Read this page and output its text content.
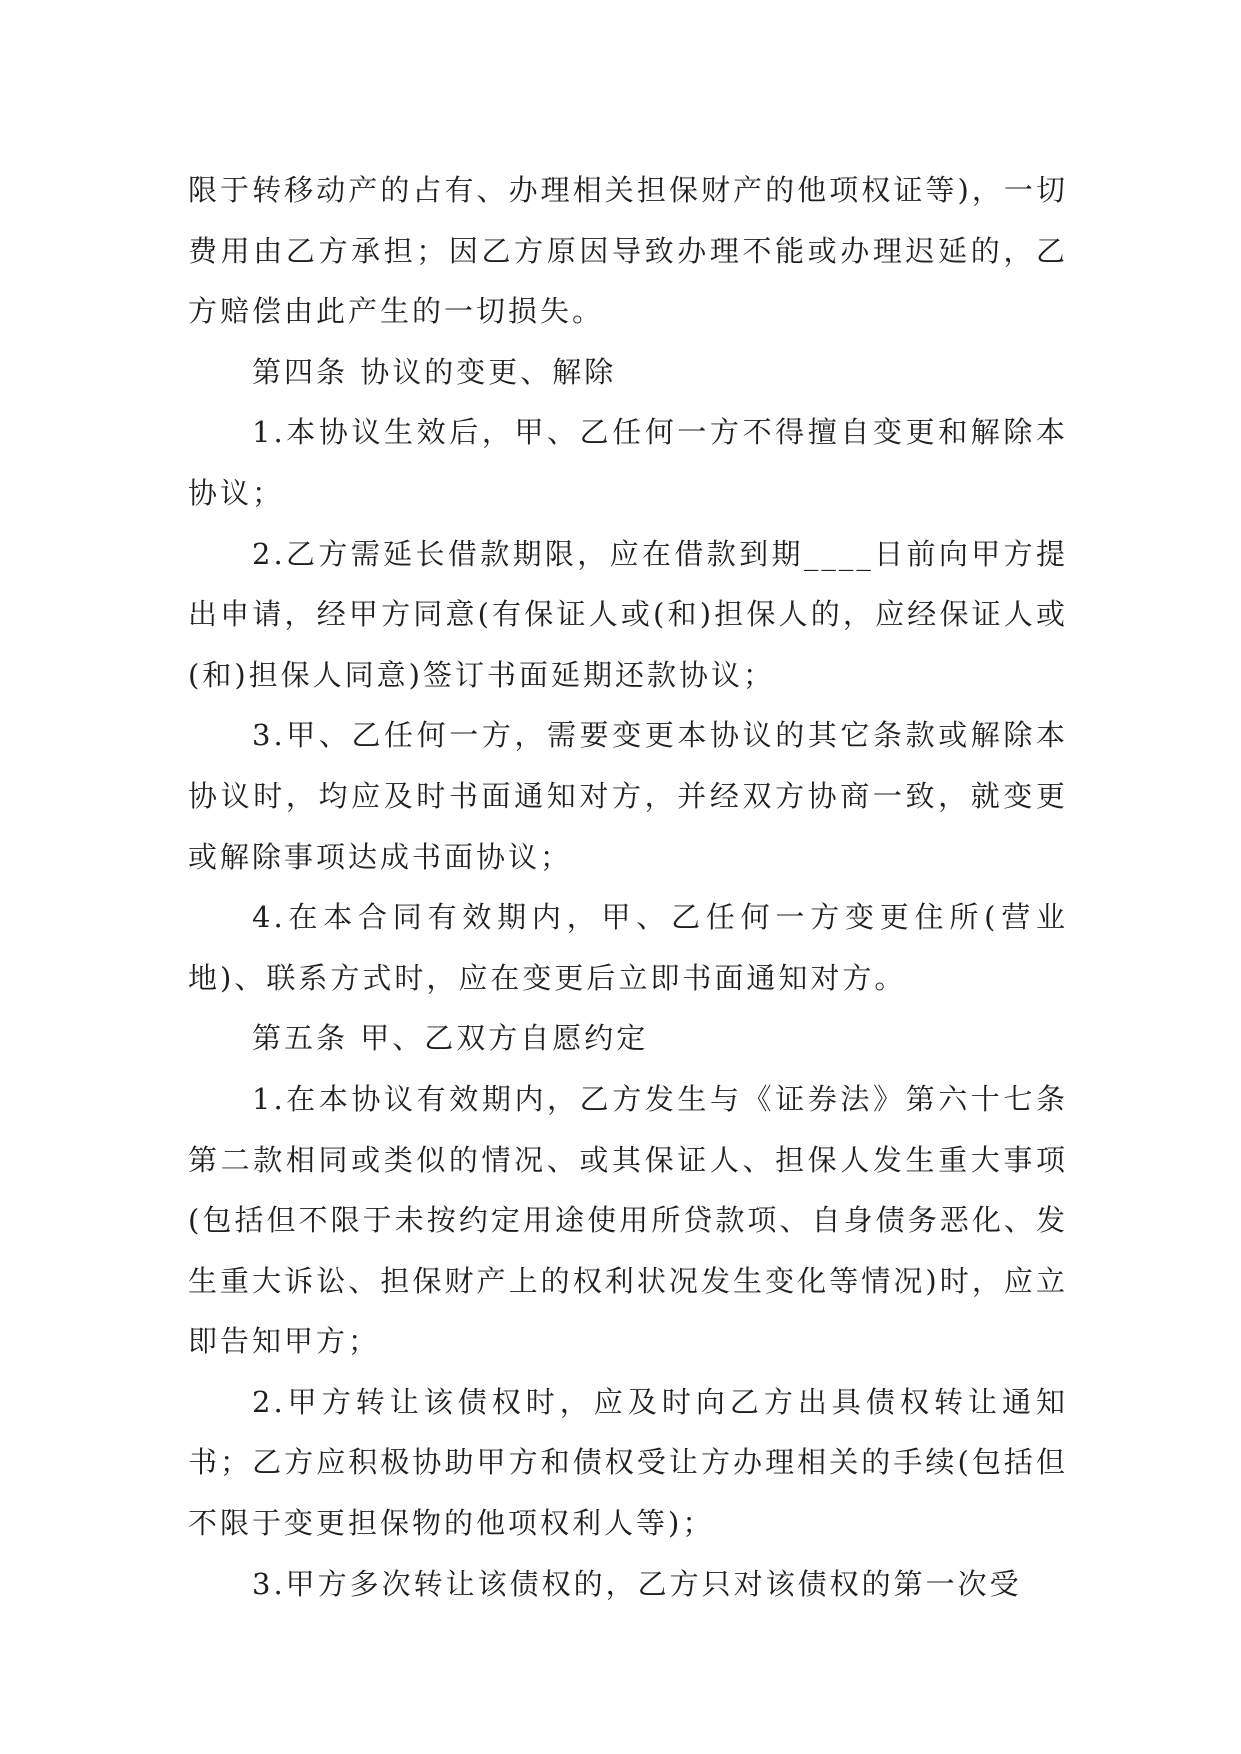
限于转移动产的占有、办理相关担保财产的他项权证等)，一切费用由乙方承担；因乙方原因导致办理不能或办理迟延的，乙方赔偿由此产生的一切损失。

第四条 协议的变更、解除

1.本协议生效后，甲、乙任何一方不得擅自变更和解除本协议；

2.乙方需延长借款期限，应在借款到期____日前向甲方提出申请，经甲方同意(有保证人或(和)担保人的，应经保证人或(和)担保人同意)签订书面延期还款协议；

3.甲、乙任何一方，需要变更本协议的其它条款或解除本协议时，均应及时书面通知对方，并经双方协商一致，就变更或解除事项达成书面协议；

4.在本合同有效期内，甲、乙任何一方变更住所(营业地)、联系方式时，应在变更后立即书面通知对方。

第五条 甲、乙双方自愿约定

1.在本协议有效期内，乙方发生与《证券法》第六十七条第二款相同或类似的情况、或其保证人、担保人发生重大事项(包括但不限于未按约定用途使用所贷款项、自身债务恶化、发生重大诉讼、担保财产上的权利状况发生变化等情况)时，应立即告知甲方；

2.甲方转让该债权时，应及时向乙方出具债权转让通知书；乙方应积极协助甲方和债权受让方办理相关的手续(包括但不限于变更担保物的他项权利人等)；

3.甲方多次转让该债权的，乙方只对该债权的第一次受
